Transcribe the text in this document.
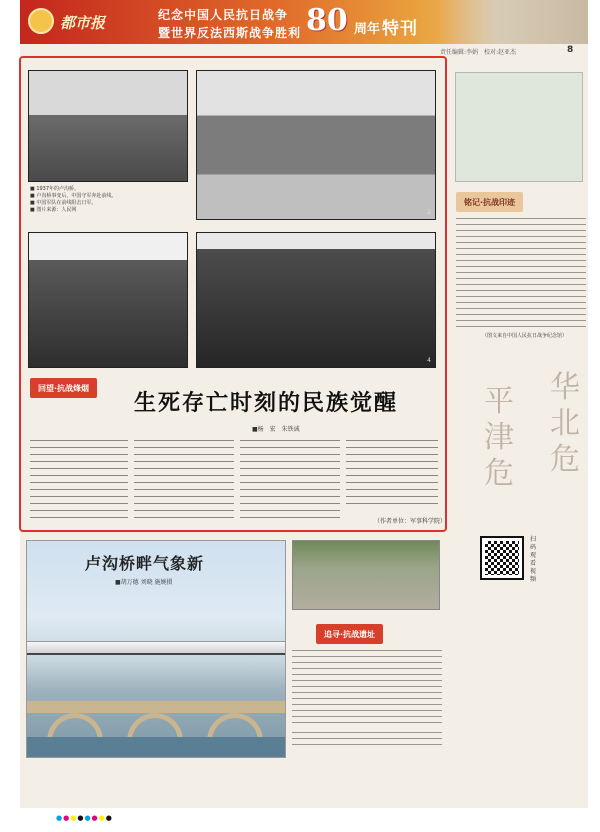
都市报	纪念中国人民抗日战争
暨世界反法西斯战争胜利 80 周年 特刊
责任编辑:李娟　校对:赵亚杰	8
2
■ 1937年的卢沟桥。
■ 卢沟桥事变后，中国守军奔赴前线。
■ 中国军队在前线阻击日军。
■ 图片来源：人民网
4
回望·抗战烽烟
生死存亡时刻的民族觉醒
■杨　宏　朱铁诚
（作者单位：军事科学院）
铭记·抗战印迹
（图文来自中国人民抗日战争纪念馆）
华
北
危
平
津
危
扫码观看视频
卢沟桥畔气象新
■胡万德 刘晓 施婉摄
追寻·抗战遗址
●●●●●●●●
